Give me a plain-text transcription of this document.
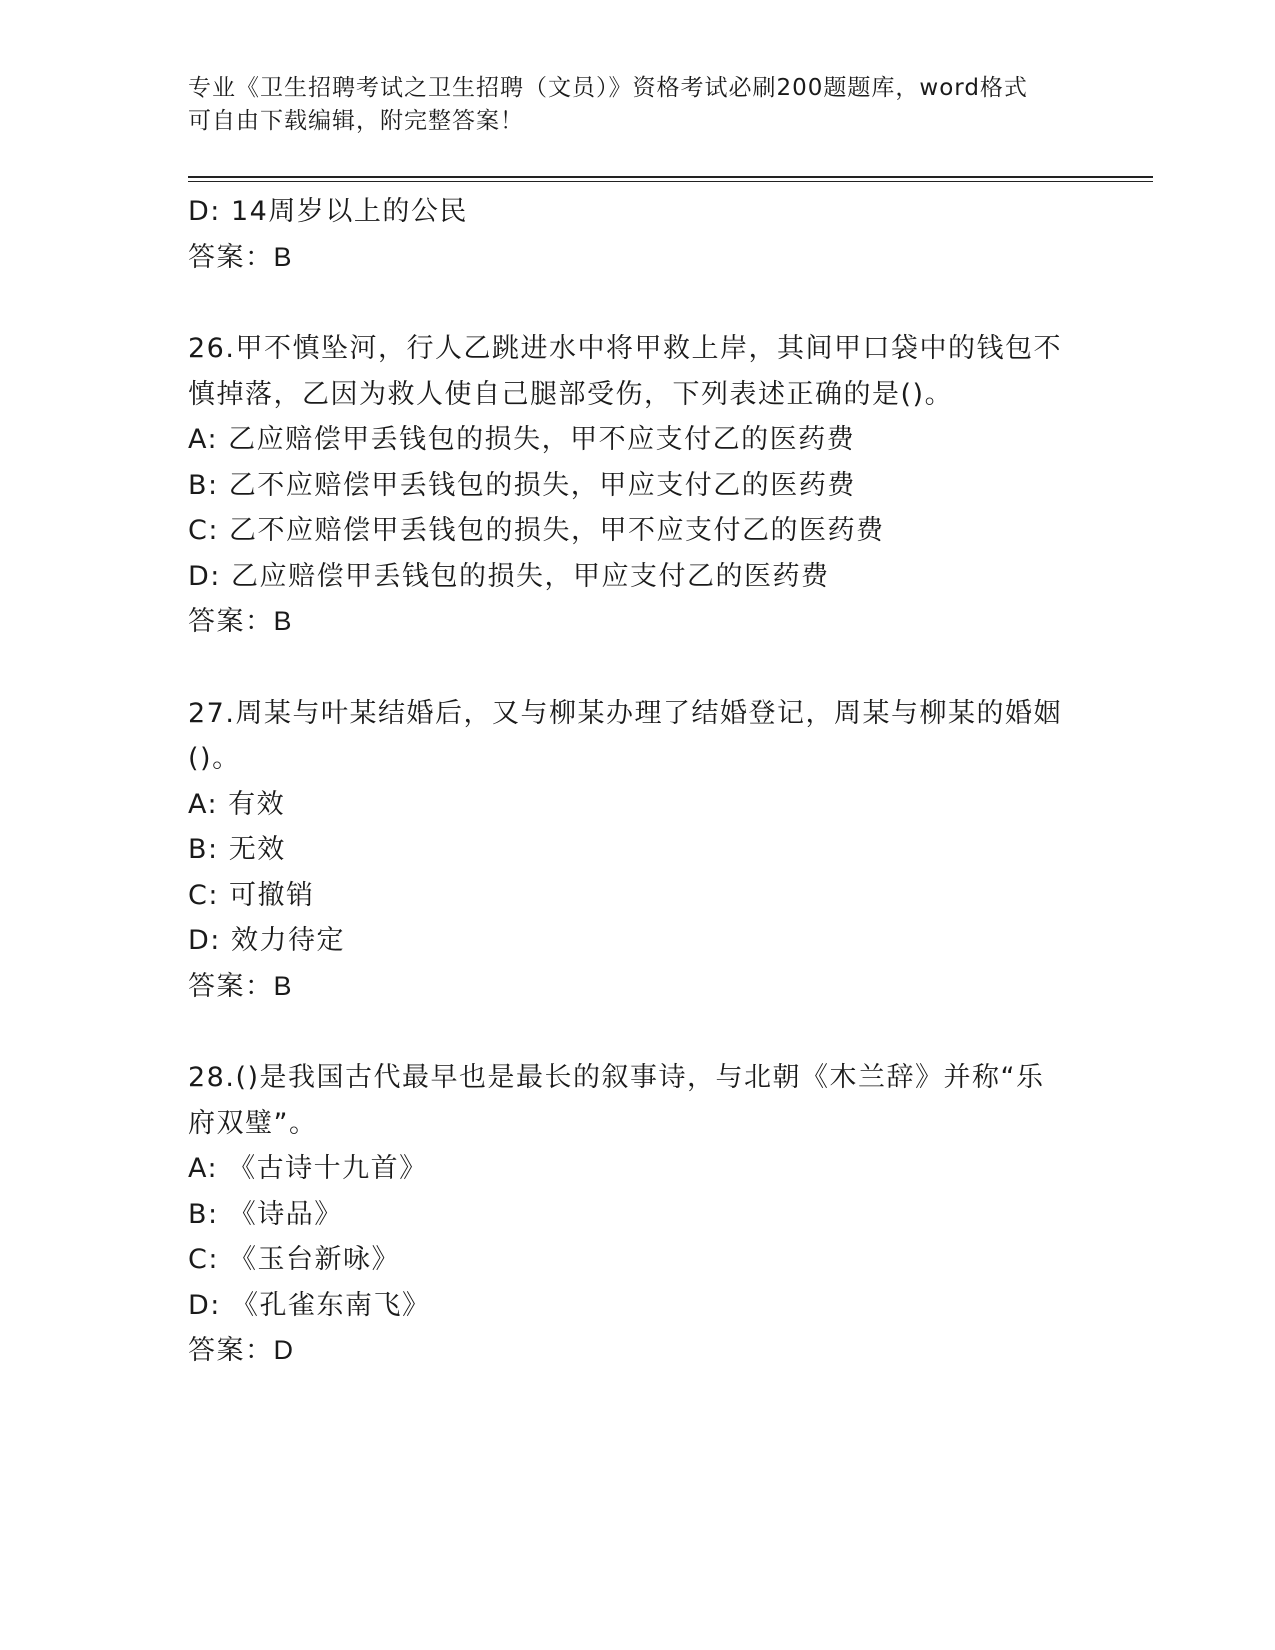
专业《卫生招聘考试之卫生招聘（文员）》资格考试必刷200题题库，word格式
可自由下载编辑，附完整答案！
D: 14周岁以上的公民
答案：B
26.甲不慎坠河，行人乙跳进水中将甲救上岸，其间甲口袋中的钱包不
慎掉落，乙因为救人使自己腿部受伤，下列表述正确的是()。
A: 乙应赔偿甲丢钱包的损失，甲不应支付乙的医药费
B: 乙不应赔偿甲丢钱包的损失，甲应支付乙的医药费
C: 乙不应赔偿甲丢钱包的损失，甲不应支付乙的医药费
D: 乙应赔偿甲丢钱包的损失，甲应支付乙的医药费
答案：B
27.周某与叶某结婚后，又与柳某办理了结婚登记，周某与柳某的婚姻
()。
A: 有效
B: 无效
C: 可撤销
D: 效力待定
答案：B
28.()是我国古代最早也是最长的叙事诗，与北朝《木兰辞》并称“乐
府双璧”。
A: 《古诗十九首》
B: 《诗品》
C: 《玉台新咏》
D: 《孔雀东南飞》
答案：D
